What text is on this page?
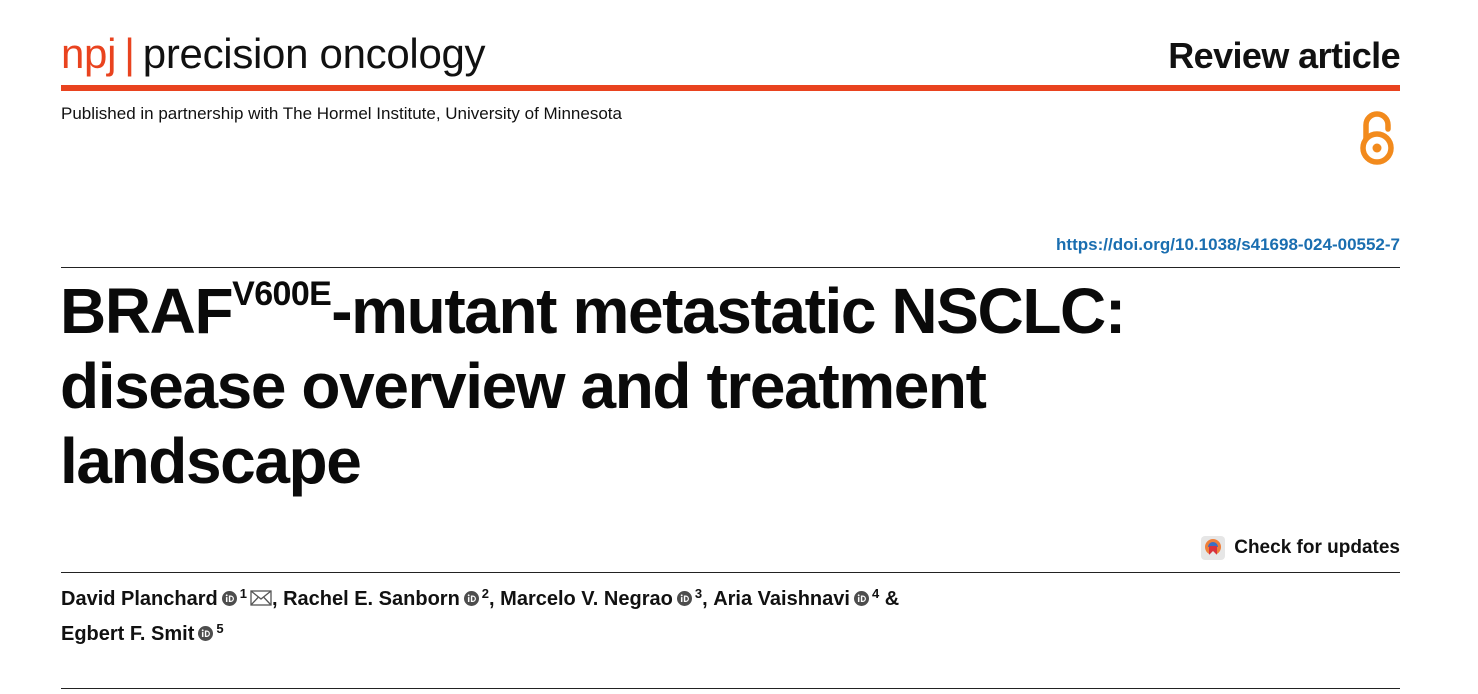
npj | precision oncology	Review article
Published in partnership with The Hormel Institute, University of Minnesota
https://doi.org/10.1038/s41698-024-00552-7
$BRAF^{V600E}$-mutant metastatic NSCLC:
disease overview and treatment
landscape
Check for updates
David Planchard $^1$ , Rachel E. Sanborn $^2$, Marcelo V. Negrao $^3$, Aria Vaishnavi $^4$ &
Egbert F. Smit $^5$
